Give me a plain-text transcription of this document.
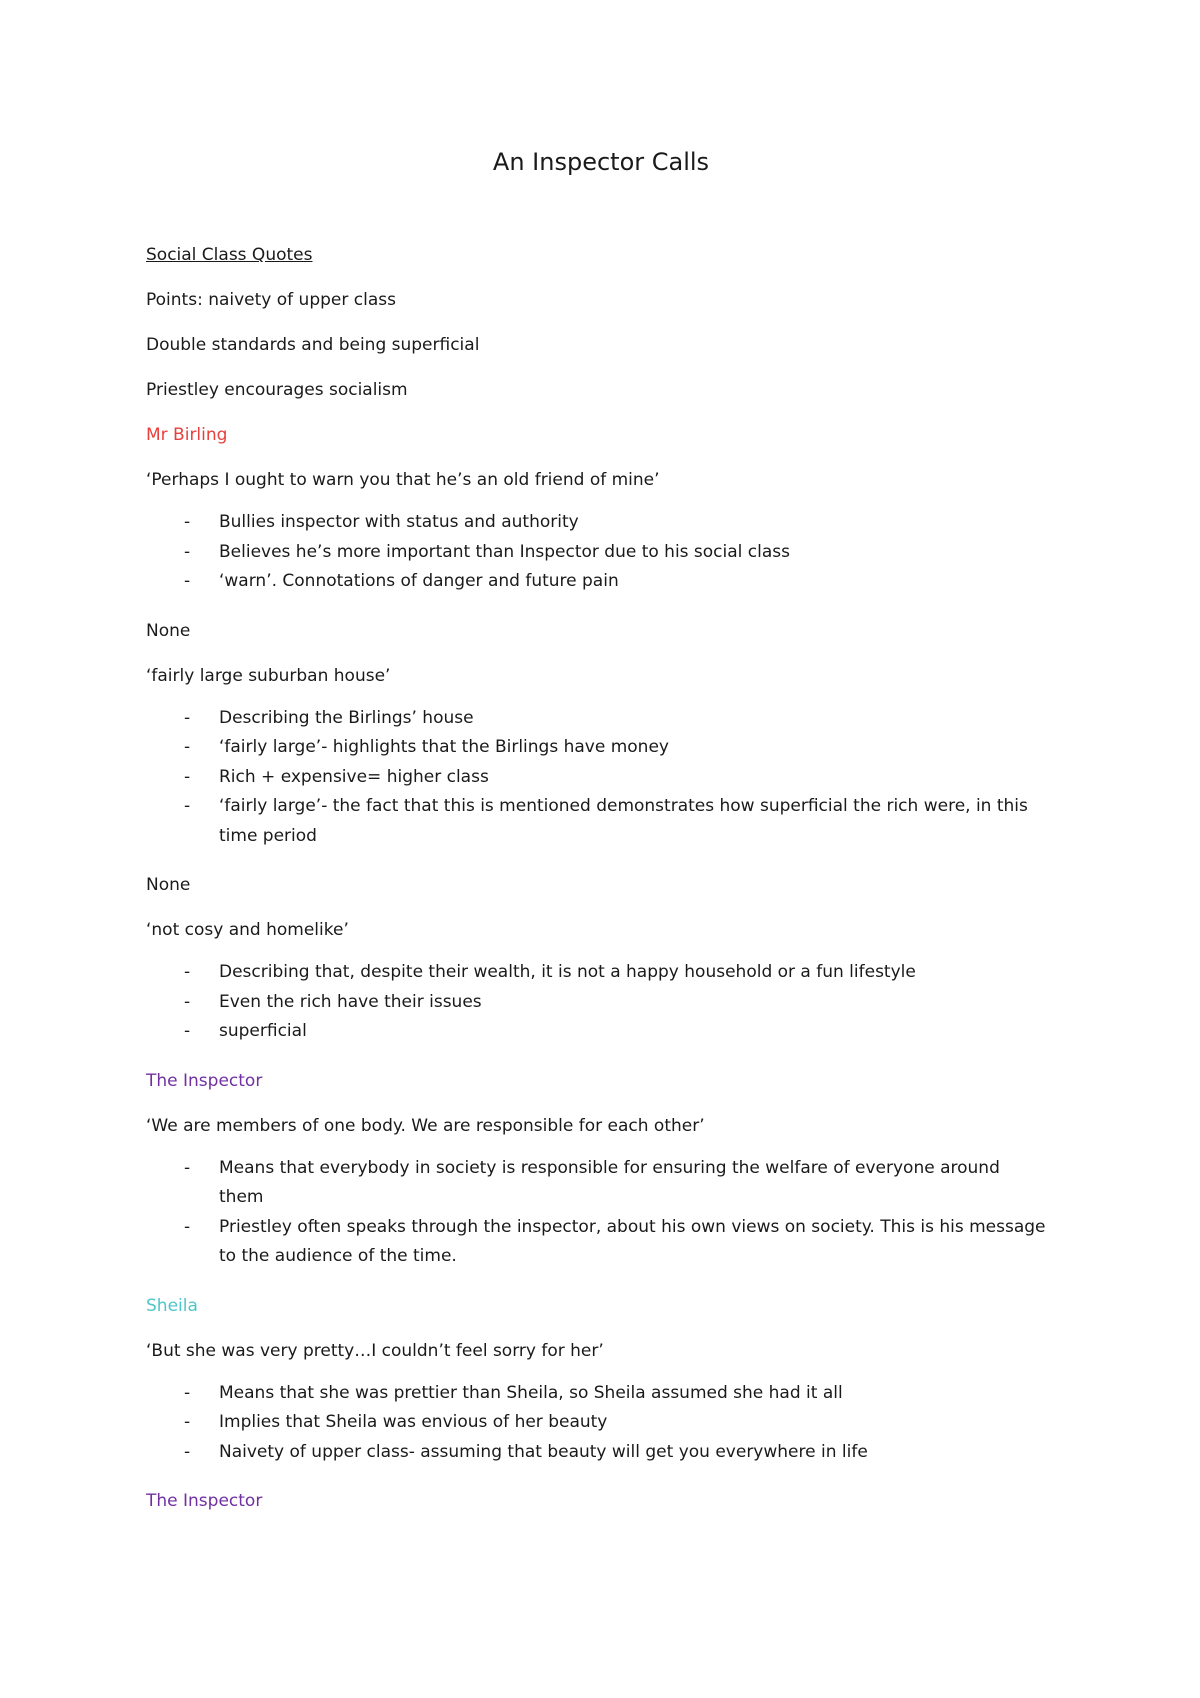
An Inspector Calls
Social Class Quotes
Points: naivety of upper class
Double standards and being superficial
Priestley encourages socialism
Mr Birling
‘Perhaps I ought to warn you that he’s an old friend of mine’
- Bullies inspector with status and authority
- Believes he’s more important than Inspector due to his social class
- ‘warn’. Connotations of danger and future pain
None
‘fairly large suburban house’
- Describing the Birlings’ house
- ‘fairly large’- highlights that the Birlings have money
- Rich + expensive= higher class
- ‘fairly large’- the fact that this is mentioned demonstrates how superficial the rich were, in this time period
None
‘not cosy and homelike’
- Describing that, despite their wealth, it is not a happy household or a fun lifestyle
- Even the rich have their issues
- superficial
The Inspector
‘We are members of one body. We are responsible for each other’
- Means that everybody in society is responsible for ensuring the welfare of everyone around them
- Priestley often speaks through the inspector, about his own views on society. This is his message to the audience of the time.
Sheila
‘But she was very pretty…I couldn’t feel sorry for her’
- Means that she was prettier than Sheila, so Sheila assumed she had it all
- Implies that Sheila was envious of her beauty
- Naivety of upper class- assuming that beauty will get you everywhere in life
The Inspector
